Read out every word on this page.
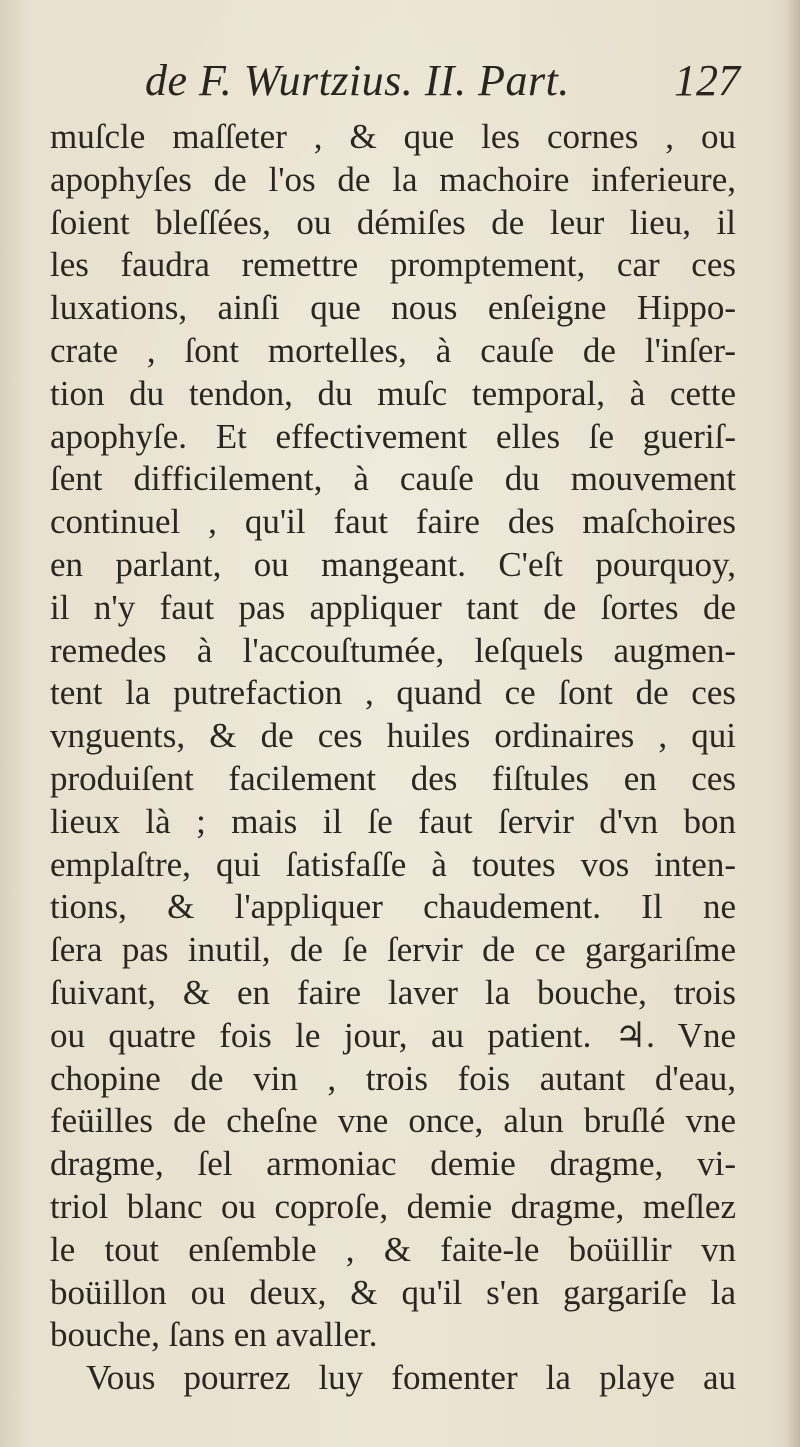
de F. Wurtzius. II. Part. 127
muſcle maſſeter , & que les cornes , ou
apophyſes de l'os de la machoire inferieure,
ſoient bleſſées, ou démiſes de leur lieu, il
les faudra remettre promptement, car ces
luxations, ainſi que nous enſeigne Hippo-
crate , ſont mortelles, à cauſe de l'inſer-
tion du tendon, du muſc temporal, à cette
apophyſe. Et effectivement elles ſe gueriſ-
ſent difficilement, à cauſe du mouvement
continuel , qu'il faut faire des maſchoires
en parlant, ou mangeant. C'eſt pourquoy,
il n'y faut pas appliquer tant de ſortes de
remedes à l'accouſtumée, leſquels augmen-
tent la putrefaction , quand ce ſont de ces
vnguents, & de ces huiles ordinaires , qui
produiſent facilement des fiſtules en ces
lieux là ; mais il ſe faut ſervir d'vn bon
emplaſtre, qui ſatisfaſſe à toutes vos inten-
tions, & l'appliquer chaudement. Il ne
ſera pas inutil, de ſe ſervir de ce gargariſme
ſuivant, & en faire laver la bouche, trois
ou quatre fois le jour, au patient. ♃. Vne
chopine de vin , trois fois autant d'eau,
feüilles de cheſne vne once, alun bruſlé vne
dragme, ſel armoniac demie dragme, vi-
triol blanc ou coproſe, demie dragme, meſlez
le tout enſemble , & faite-le boüillir vn
boüillon ou deux, & qu'il s'en gargariſe la
bouche, ſans en avaller.
Vous pourrez luy fomenter la playe au
